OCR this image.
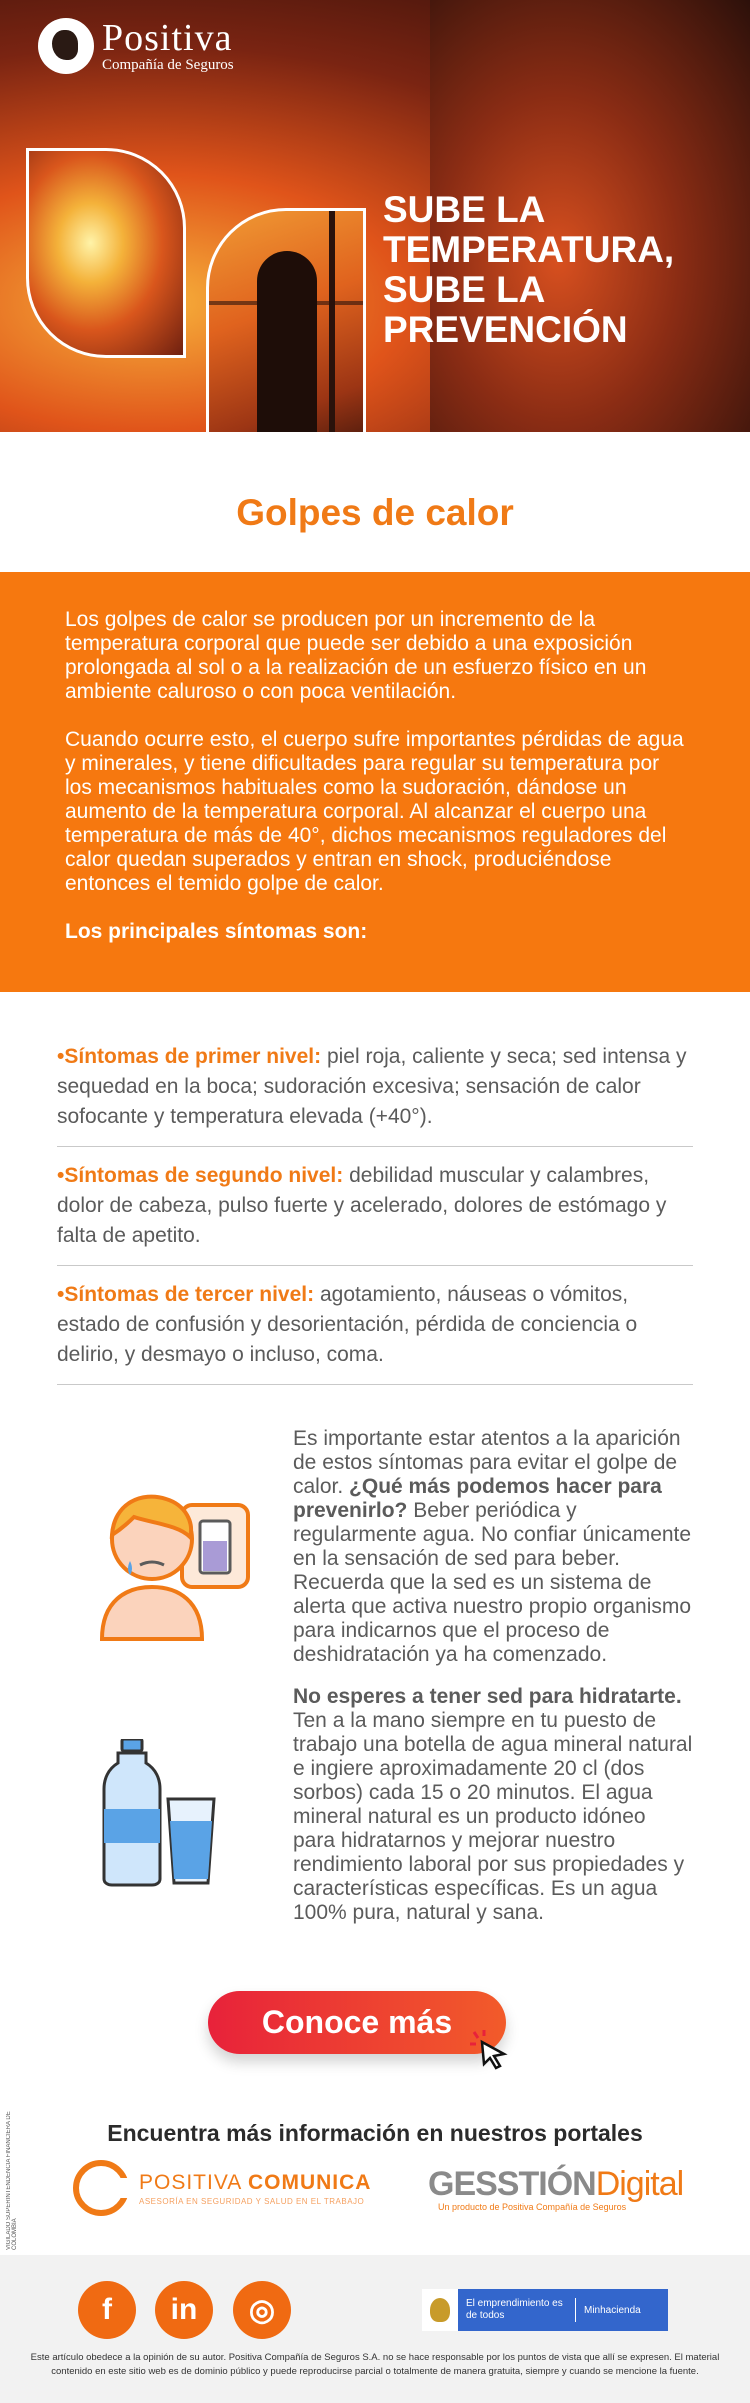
Positiva
Compañía de Seguros
SUBE LA
TEMPERATURA,
SUBE LA
PREVENCIÓN
Golpes de calor

Los golpes de calor se producen por un incremento de la temperatura corporal que puede ser debido a una exposición prolongada al sol o a la realización de un esfuerzo físico en un ambiente caluroso o con poca ventilación.

Cuando ocurre esto, el cuerpo sufre importantes pérdidas de agua y minerales, y tiene dificultades para regular su temperatura por los mecanismos habituales como la sudoración, dándose un aumento de la temperatura corporal. Al alcanzar el cuerpo una temperatura de más de 40°, dichos mecanismos reguladores del calor quedan superados y entran en shock, produciéndose entonces el temido golpe de calor.

Los principales síntomas son:

•Síntomas de primer nivel: piel roja, caliente y seca; sed intensa y sequedad en la boca; sudoración excesiva; sensación de calor sofocante y temperatura elevada (+40°).
•Síntomas de segundo nivel: debilidad muscular y calambres, dolor de cabeza, pulso fuerte y acelerado, dolores de estómago y falta de apetito.
•Síntomas de tercer nivel: agotamiento, náuseas o vómitos, estado de confusión y desorientación, pérdida de conciencia o delirio, y desmayo o incluso, coma.
Es importante estar atentos a la aparición de estos síntomas para evitar el golpe de calor. ¿Qué más podemos hacer para prevenirlo? Beber periódica y regularmente agua. No confiar únicamente en la sensación de sed para beber. Recuerda que la sed es un sistema de alerta que activa nuestro propio organismo para indicarnos que el proceso de deshidratación ya ha comenzado.
No esperes a tener sed para hidratarte. Ten a la mano siempre en tu puesto de trabajo una botella de agua mineral natural e ingiere aproximadamente 20 cl (dos sorbos) cada 15 o 20 minutos. El agua mineral natural es un producto idóneo para hidratarnos y mejorar nuestro rendimiento laboral por sus propiedades y características específicas. Es un agua 100% pura, natural y sana.
Conoce más
VIGILADO SUPERINTENDENCIA FINANCIERA DE COLOMBIA
Encuentra más información en nuestros portales
POSITIVA COMUNICA
ASESORÍA EN SEGURIDAD Y SALUD EN EL TRABAJO GESSTIÓNDigital
Un producto de Positiva Compañía de Seguros
f	in	◎	El emprendimiento es de todos	Minhacienda
Este artículo obedece a la opinión de su autor. Positiva Compañía de Seguros S.A. no se hace responsable por los puntos de vista que allí se expresen. El material contenido en este sitio web es de dominio público y puede reproducirse parcial o totalmente de manera gratuita, siempre y cuando se mencione la fuente.
